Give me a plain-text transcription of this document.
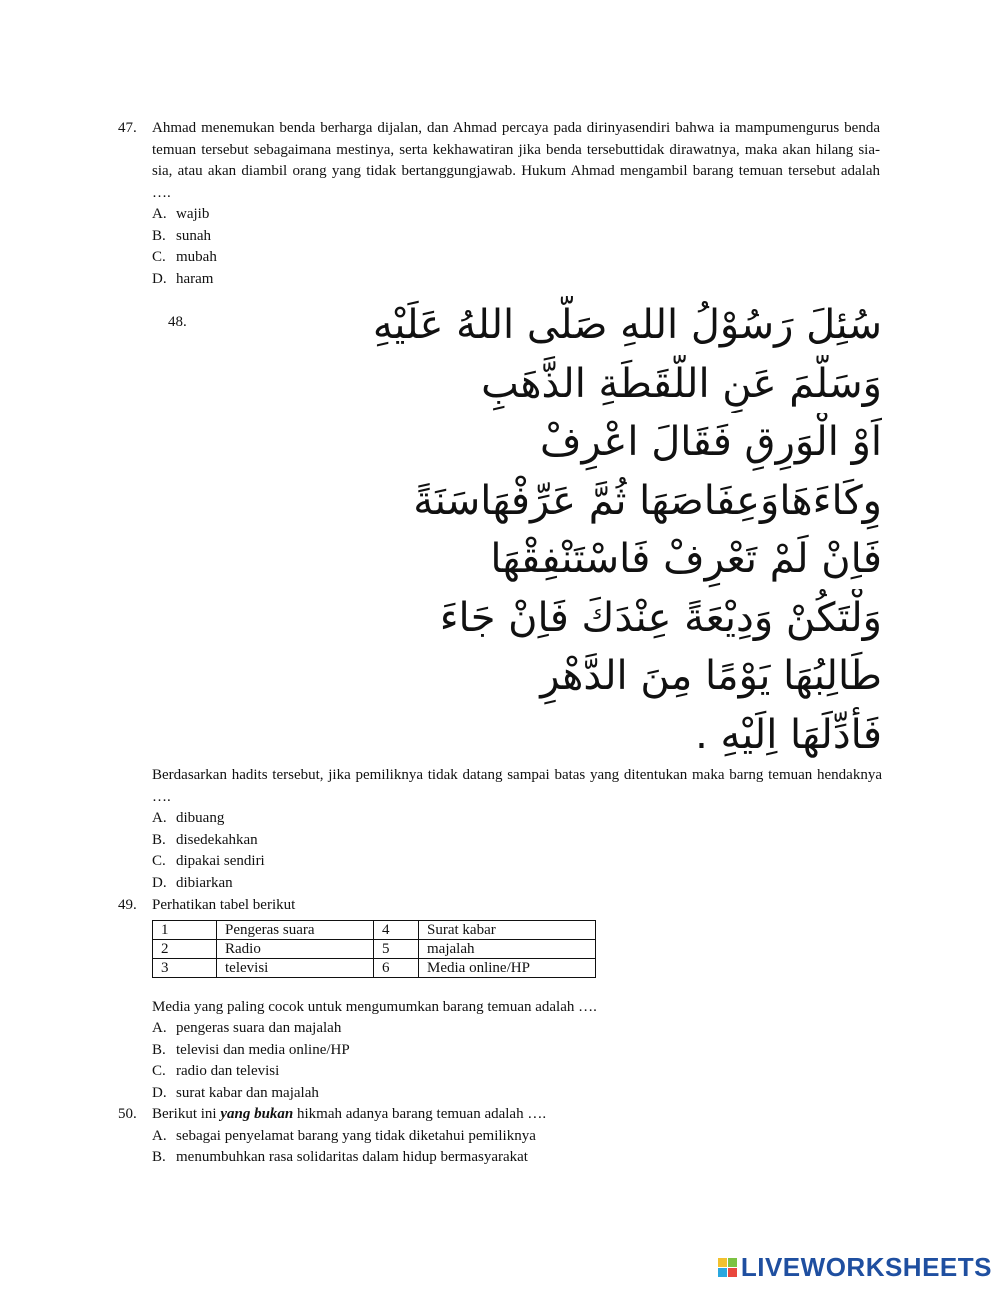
47.	Ahmad menemukan benda berharga dijalan, dan Ahmad percaya pada dirinyasendiri bahwa ia mampumengurus benda temuan tersebut sebagaimana mestinya, serta kekhawatiran jika benda tersebuttidak dirawatnya, maka akan hilang sia-sia, atau akan diambil orang yang tidak bertanggungjawab. Hukum Ahmad mengambil barang temuan tersebut adalah ….
A. wajib
B. sunah
C. mubah
D. haram
48.	سُئِلَ رَسُوْلُ اللهِ صَلَّى اللهُ عَلَيْهِ
وَسَلَّمَ عَنِ اللُّقَطَةِ الذَّهَبِ
اَوْ الْوَرِقِ فَقَالَ اعْرِفْ
وِكَاءَهَاوَعِفَاصَهَا ثُمَّ عَرِّفْهَاسَنَةً
فَاِنْ لَمْ تَعْرِفْ فَاسْتَنْفِقْهَا
وَلْتَكُنْ وَدِيْعَةً عِنْدَكَ فَاِنْ جَاءَ
طَالِبُهَا يَوْمًا مِنَ الدَّهْرِ
فَأَدِّلَهَا اِلَيْهِ .
Berdasarkan hadits tersebut, jika pemiliknya tidak datang sampai batas yang ditentukan maka barng temuan hendaknya ….
A. dibuang
B. disedekahkan
C. dipakai sendiri
D. dibiarkan
49.	Perhatikan tabel berikut
1	Pengeras suara	4	Surat kabar
2	Radio	5	majalah
3	televisi	6	Media online/HP
Media yang paling cocok untuk mengumumkan barang temuan adalah ….
A. pengeras suara dan majalah
B. televisi dan media online/HP
C. radio dan televisi
D. surat kabar dan majalah
50.	Berikut ini yang bukan hikmah adanya barang temuan adalah ….
A. sebagai penyelamat barang yang tidak diketahui pemiliknya
B. menumbuhkan rasa solidaritas dalam hidup bermasyarakat
LIVEWORKSHEETS
